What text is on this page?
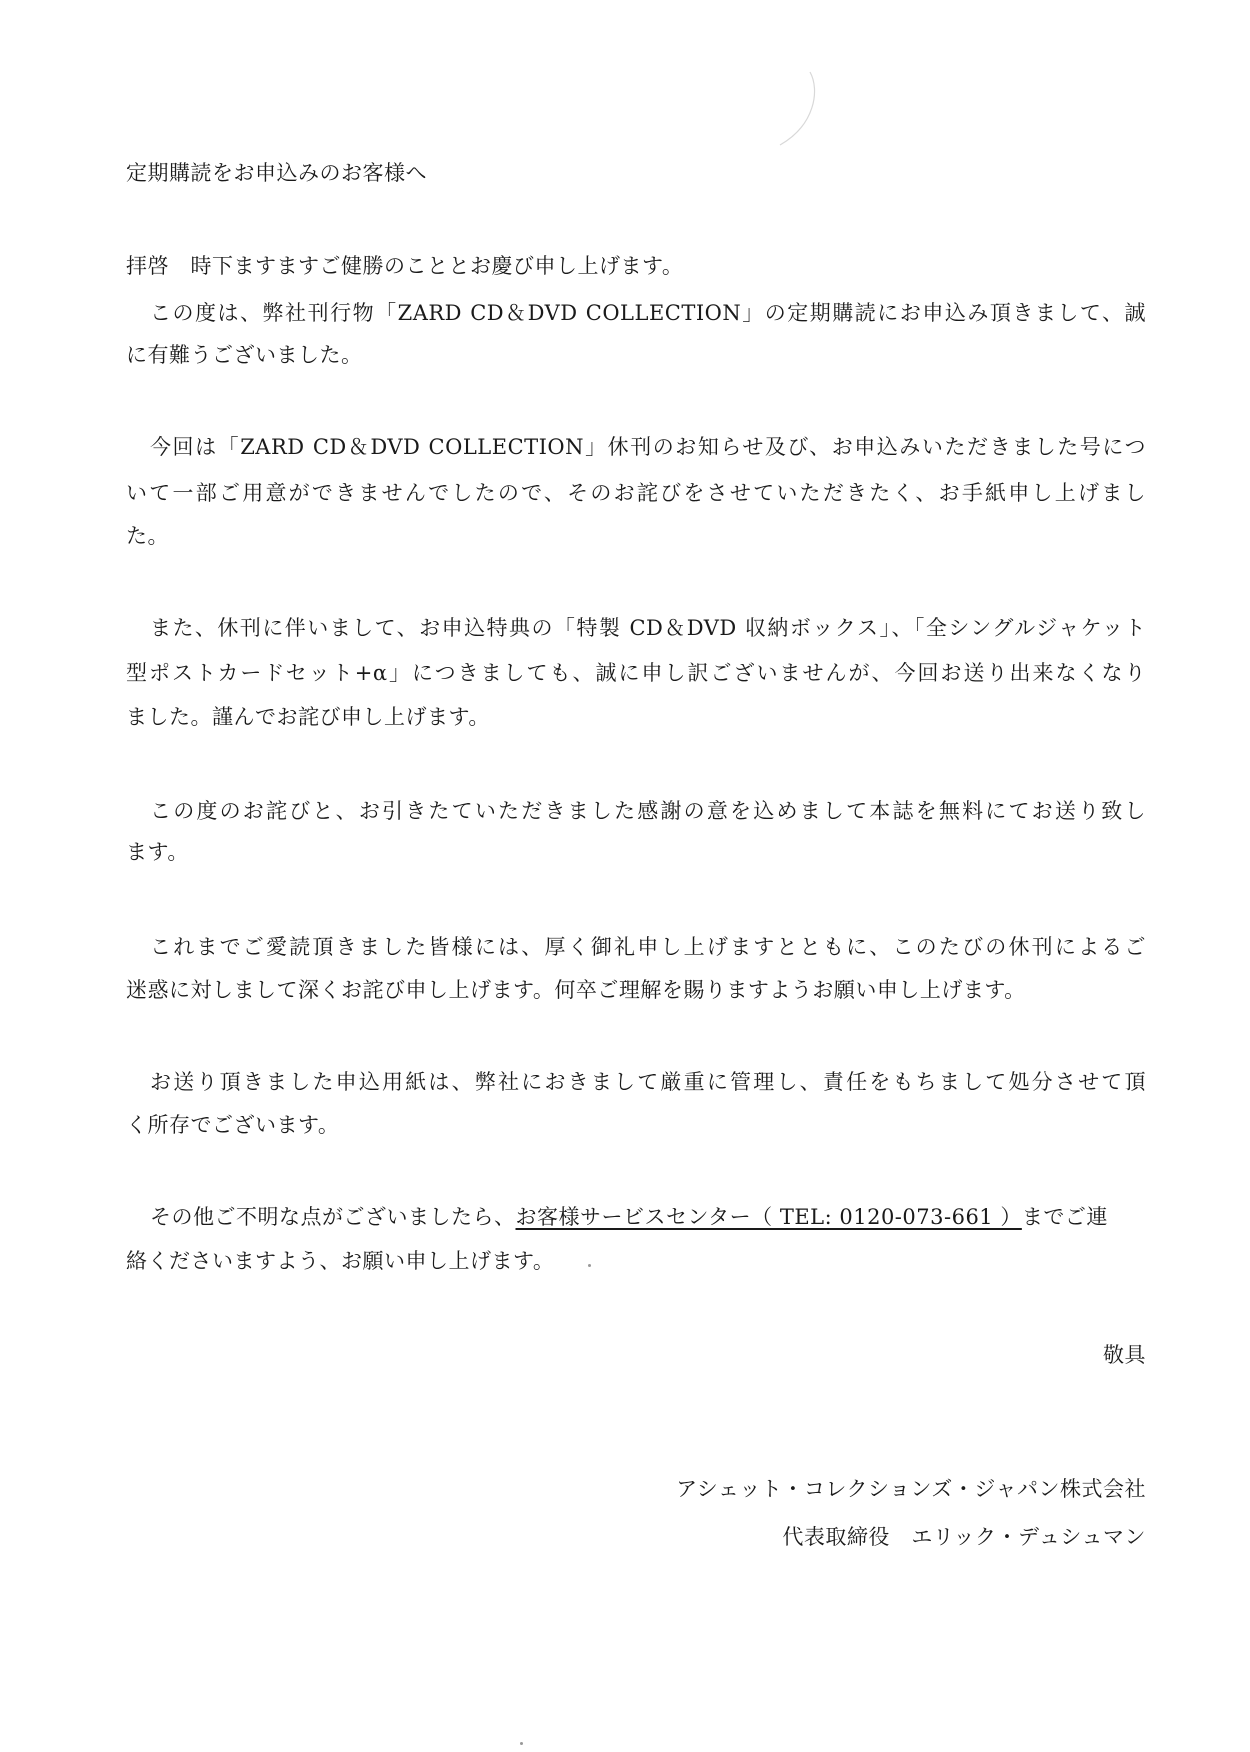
定期購読をお申込みのお客様へ
拝啓　時下ますますご健勝のこととお慶び申し上げます。
この度は、弊社刊行物「ZARD CD＆DVD COLLECTION」の定期購読にお申込み頂きまして、誠
に有難うございました。
今回は「ZARD CD＆DVD COLLECTION」休刊のお知らせ及び、お申込みいただきました号につ
いて一部ご用意ができませんでしたので、そのお詫びをさせていただきたく、お手紙申し上げまし
た。
また、休刊に伴いまして、お申込特典の「特製 CD＆DVD 収納ボックス」、「全シングルジャケット
型ポストカードセット+α」につきましても、誠に申し訳ございませんが、今回お送り出来なくなり
ました。謹んでお詫び申し上げます。
この度のお詫びと、お引きたていただきました感謝の意を込めまして本誌を無料にてお送り致し
ます。
これまでご愛読頂きました皆様には、厚く御礼申し上げますとともに、このたびの休刊によるご
迷惑に対しまして深くお詫び申し上げます。何卒ご理解を賜りますようお願い申し上げます。
お送り頂きました申込用紙は、弊社におきまして厳重に管理し、責任をもちまして処分させて頂
く所存でございます。
その他ご不明な点がございましたら、お客様サービスセンター（ TEL: 0120-073-661 ）までご連
絡くださいますよう、お願い申し上げます。
敬具
アシェット・コレクションズ・ジャパン株式会社
代表取締役　エリック・デュシュマン
